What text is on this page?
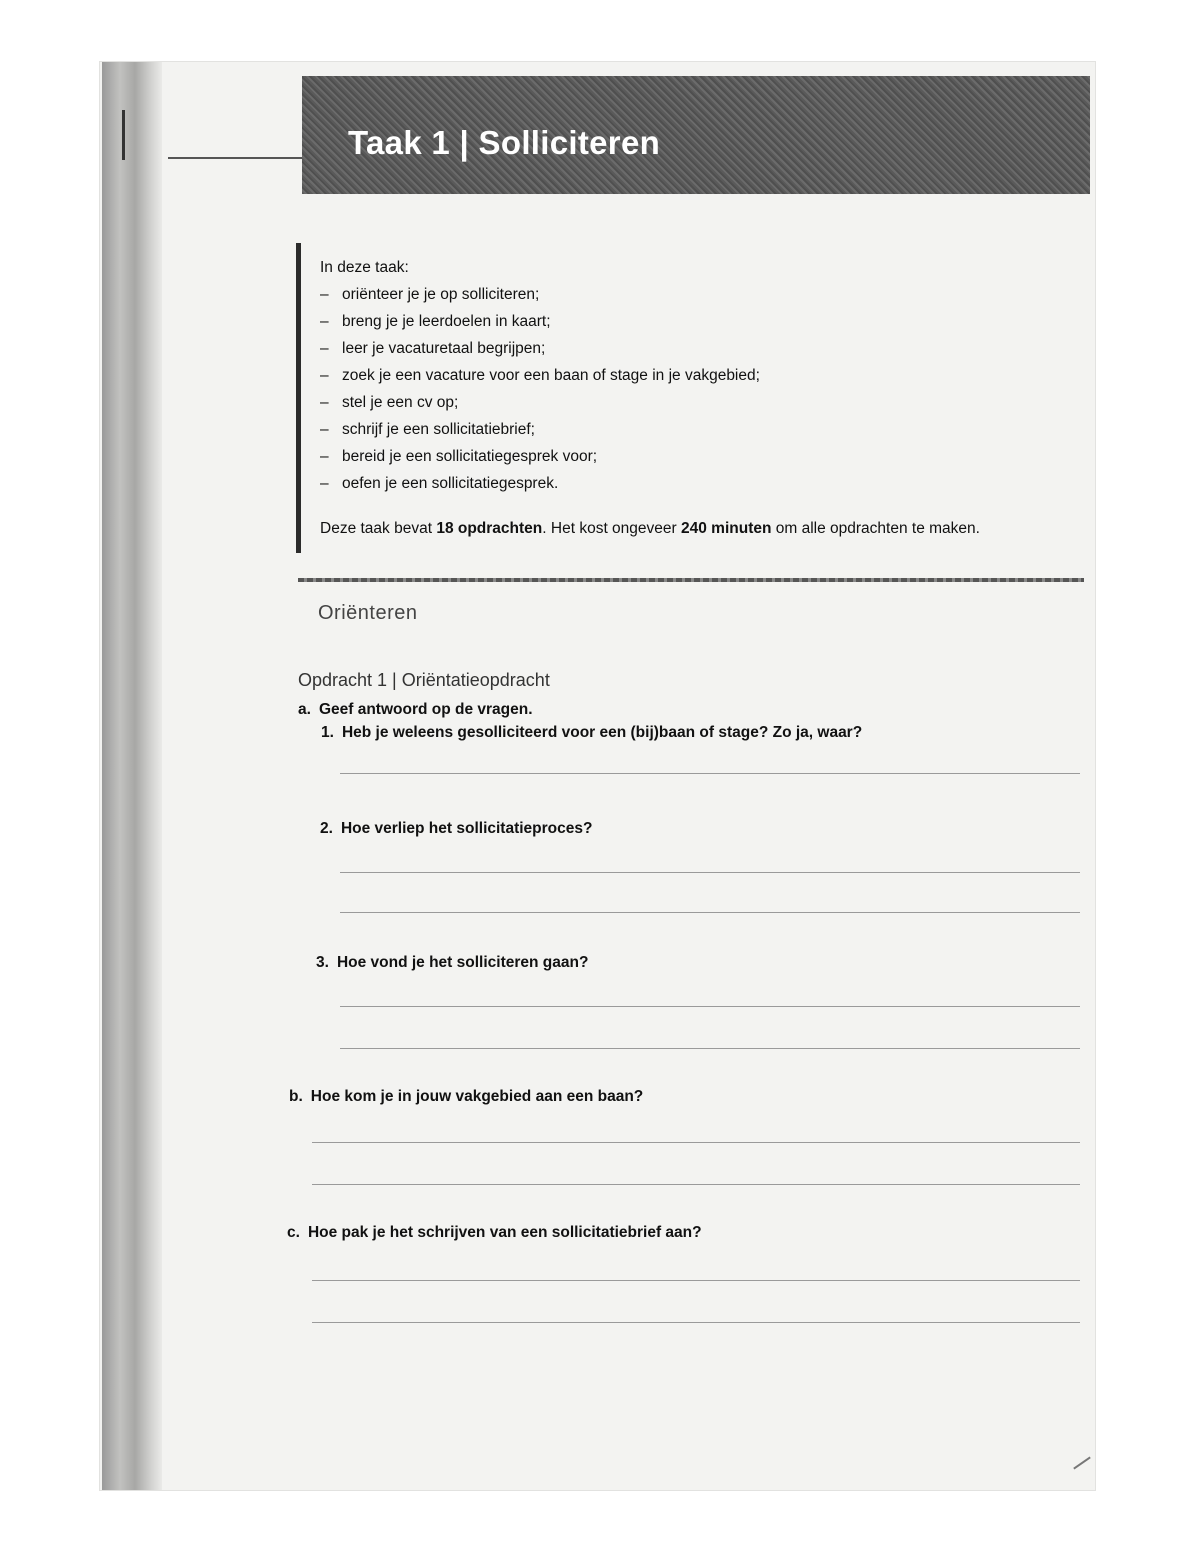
Taak 1 | Solliciteren
In deze taak:
– oriënteer je je op solliciteren;
– breng je je leerdoelen in kaart;
– leer je vacaturetaal begrijpen;
– zoek je een vacature voor een baan of stage in je vakgebied;
– stel je een cv op;
– schrijf je een sollicitatiebrief;
– bereid je een sollicitatiegesprek voor;
– oefen je een sollicitatiegesprek.
Deze taak bevat 18 opdrachten. Het kost ongeveer 240 minuten om alle opdrachten te maken.
Oriënteren
Opdracht 1 | Oriëntatieopdracht
a. Geef antwoord op de vragen.
1. Heb je weleens gesolliciteerd voor een (bij)baan of stage? Zo ja, waar?
2. Hoe verliep het sollicitatieproces?
3. Hoe vond je het solliciteren gaan?
b. Hoe kom je in jouw vakgebied aan een baan?
c. Hoe pak je het schrijven van een sollicitatiebrief aan?
